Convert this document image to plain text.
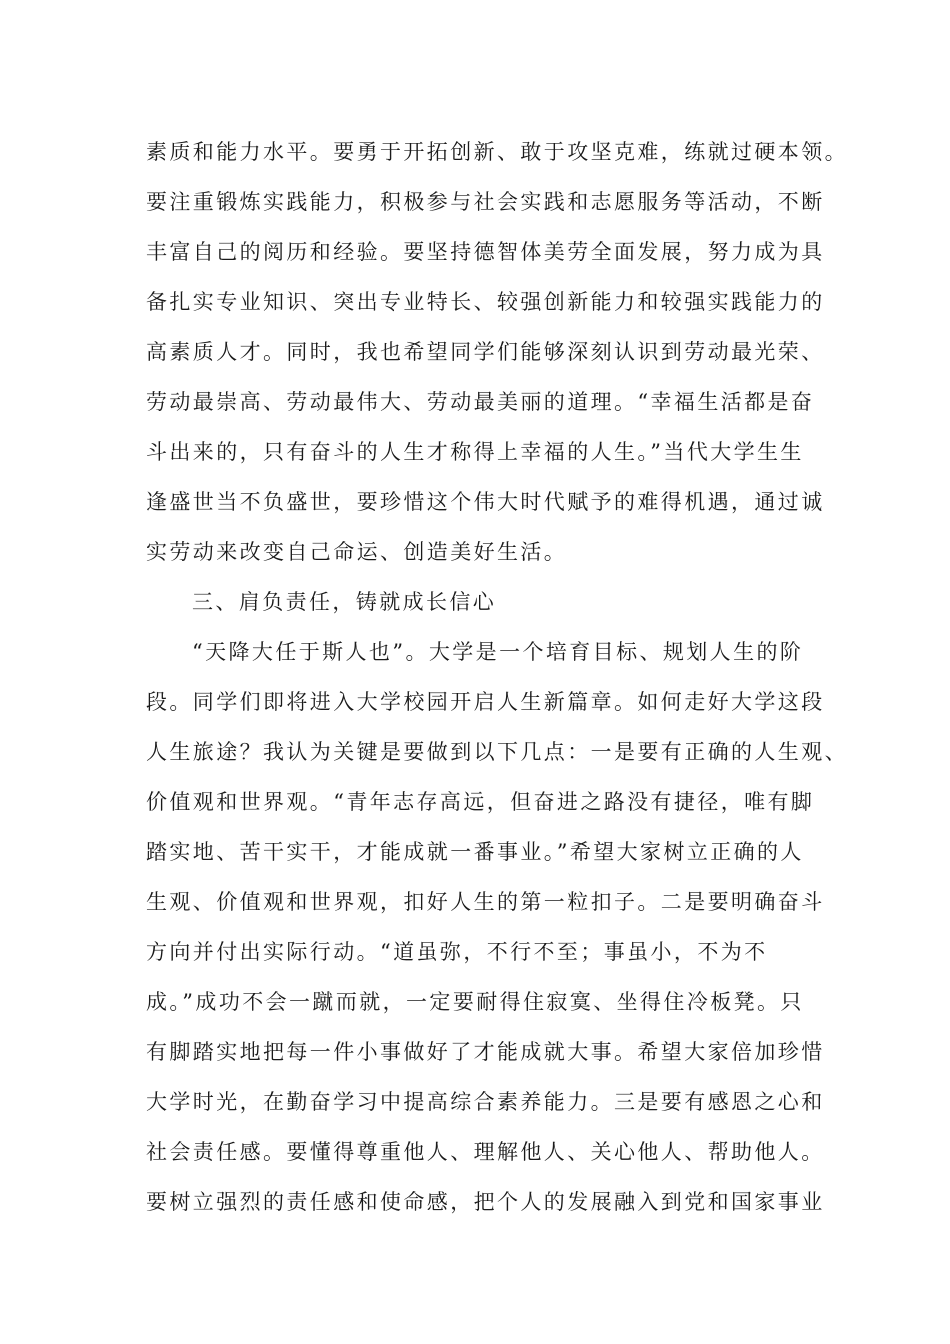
素质和能力水平。要勇于开拓创新、敢于攻坚克难，练就过硬本领。
要注重锻炼实践能力，积极参与社会实践和志愿服务等活动，不断
丰富自己的阅历和经验。要坚持德智体美劳全面发展，努力成为具
备扎实专业知识、突出专业特长、较强创新能力和较强实践能力的
高素质人才。同时，我也希望同学们能够深刻认识到劳动最光荣、
劳动最崇高、劳动最伟大、劳动最美丽的道理。“幸福生活都是奋
斗出来的，只有奋斗的人生才称得上幸福的人生。”当代大学生生
逢盛世当不负盛世，要珍惜这个伟大时代赋予的难得机遇，通过诚
实劳动来改变自己命运、创造美好生活。
三、肩负责任，铸就成长信心
“天降大任于斯人也”。大学是一个培育目标、规划人生的阶
段。同学们即将进入大学校园开启人生新篇章。如何走好大学这段
人生旅途？我认为关键是要做到以下几点：一是要有正确的人生观、
价值观和世界观。“青年志存高远，但奋进之路没有捷径，唯有脚
踏实地、苦干实干，才能成就一番事业。”希望大家树立正确的人
生观、价值观和世界观，扣好人生的第一粒扣子。二是要明确奋斗
方向并付出实际行动。“道虽弥，不行不至；事虽小，不为不
成。”成功不会一蹴而就，一定要耐得住寂寞、坐得住冷板凳。只
有脚踏实地把每一件小事做好了才能成就大事。希望大家倍加珍惜
大学时光，在勤奋学习中提高综合素养能力。三是要有感恩之心和
社会责任感。要懂得尊重他人、理解他人、关心他人、帮助他人。
要树立强烈的责任感和使命感，把个人的发展融入到党和国家事业
